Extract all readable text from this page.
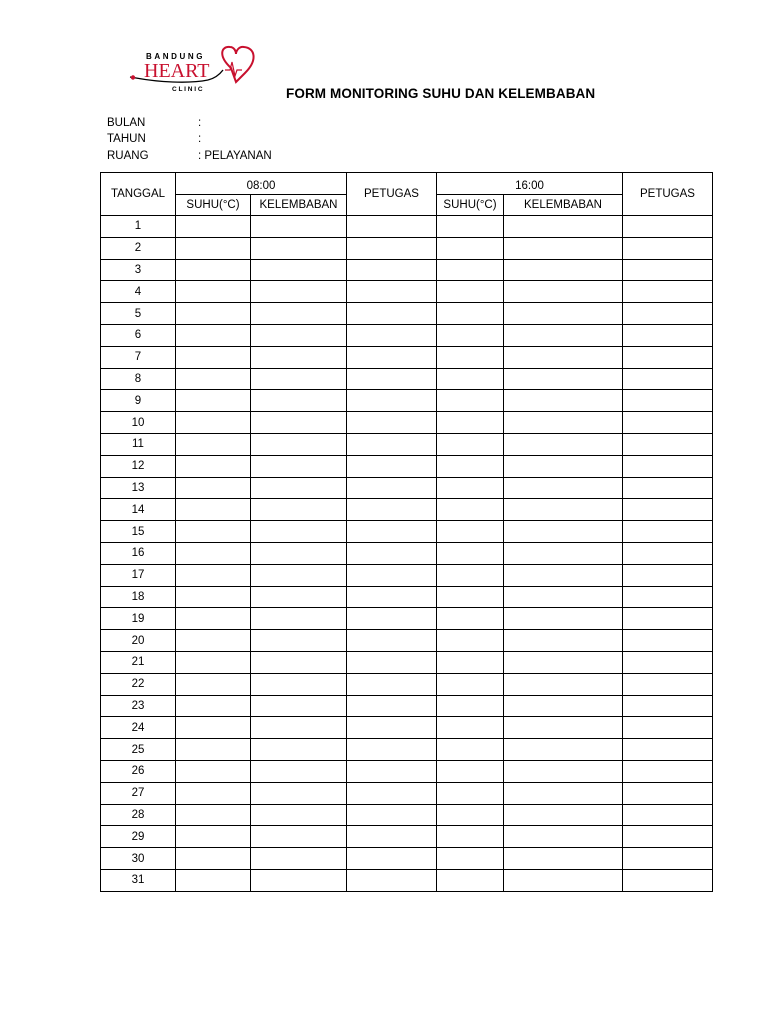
BANDUNG
HEART
C L I N I C	FORM MONITORING SUHU DAN KELEMBABAN
BULAN	:
TAHUN	:
RUANG	: PELAYANAN
TANGGAL	08:00		PETUGAS	16:00		PETUGAS
	SUHU(°C)	KELEMBABAN		SUHU(°C)	KELEMBABAN	
1						
2						
3						
4						
5						
6						
7						
8						
9						
10						
11						
12						
13						
14						
15						
16						
17						
18						
19						
20						
21						
22						
23						
24						
25						
26						
27						
28						
29						
30						
31						
